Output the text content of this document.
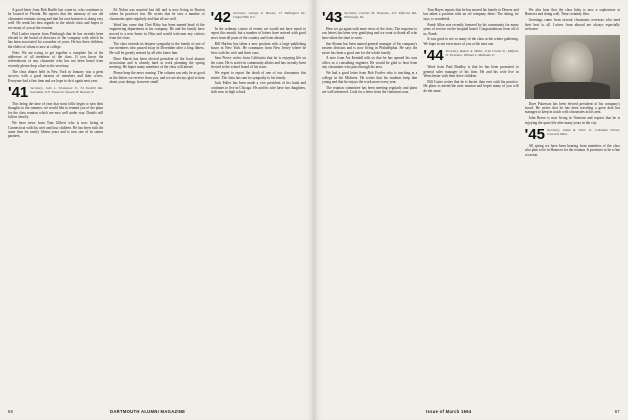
A good letter from Bob Ruelle last come in, who continues to be located in Florida. He reports that the memory of our old classmates remains strong and that his own business is doing very well. He sends his best regards to the whole class and hopes to see many of you at the reunion.

Phil Lasher reports from Pittsburgh that he has recently been elected to the board of directors of the company with which he has been associated for a number of years. He has three children, the eldest of whom is now at college.

Note: We are trying to get together a complete list of the addresses of all members of the class. If you know the whereabouts of any classmate who has not been heard from recently please drop a line to the secretary.

The class dinner held in New York in January was a great success with a good turnout of members and their wives. Everyone had a fine time and we hope to do it again next year.

'41 Secretary, John L. Thompson Jr., 34 Dunhill Rd., Scarsdale, N.Y. Treasurer, Stewart H. Bennett Jr.

This being the time of year that most folks begin to turn their thoughts to the summer, we would like to remind you of the plans for the class reunion which are now well under way. Details will follow shortly.

We have news from Tom Gilbert who is now living in Connecticut with his wife and four children. He has been with the same firm for nearly fifteen years and is now one of its senior partners.

Ed Nolan was married last fall and is now living in Boston where he practices law. He writes that he sees a number of classmates quite regularly and that all are well.

Word has come that Chet Riley has been named head of the engineering department at his company. He and his family have moved to a new home in Ohio and would welcome any visitors from the class.

The class extends its deepest sympathy to the family of one of our members who passed away in December after a long illness. He will be greatly missed by all who knew him.

Dave Marsh has been elected president of the local alumni association and is already hard at work planning the spring meeting. He hopes many members of the class will attend.

Please keep the news coming. The column can only be as good as the letters we receive from you, and we are always glad to hear about your doings, however small.

'42 Secretary, George A. Rowley, 15 Wellington Dr., Chapel Hill, N.C.

In the ordinary course of events we would not have much to report this month, but a number of letters have arrived with good news from all parts of the country and from abroad.

Bill Harlow has taken a new position with a large publishing house in New York. He commutes from New Jersey where he lives with his wife and three sons.

Sam Pierce writes from California that he is enjoying life on the coast. He is active in community affairs and has recently been elected to the school board of his town.

We regret to report the death of one of our classmates this winter. The class has sent its sympathy to his family.

Jack Fuller has been made a vice president of his bank and continues to live in Chicago. He and his wife have two daughters, both now in high school.

66	DARTMOUTH ALUMNI MAGAZINE
'43 Secretary, Charles M. Donovan, 413 Jefferson Rd., Pittsburgh, Pa.

Here we go again with more news of the class. The response to our letters has been very gratifying and we want to thank all who have taken the time to write.

Jim Sloane has been named general manager of his company's eastern division and is now living in Philadelphia. He says the move has been a good one for the whole family.

A note from Art Kendall tells us that he has opened his own office as a consulting engineer. He would be glad to hear from any classmates who pass through his area.

We had a good letter from Bob Fowler who is teaching at a college in the Midwest. He writes that his students keep him young and that he enjoys the work more every year.

The reunion committee has been meeting regularly and plans are well advanced. Look for a letter from the chairman soon.

Tom Hayes reports that he has moved his family to Denver and has taken a position with an oil company there. The skiing, he says, is wonderful.

Frank Allen was recently honored by his community for many years of service on the hospital board. Congratulations from all of us, Frank.

It was good to see so many of the class at the winter gathering. We hope to see even more of you at the next one.

'44 Secretary, Robert A. Miller, 1140 Croton St., Milford, O. Treasurer, William L. Mohlman Jr.

Word from Paul Bradley is that he has been promoted to general sales manager of his firm. He and his wife live in Westchester with their three children.

Bill Carter writes that he is busier than ever with his practice. He plans to attend the next reunion and hopes many of you will do the same.

We also hear that the class baby is now a sophomore at Hanover and doing well. Time certainly flies.

Greetings came from several classmates overseas who send their best to all. Letters from abroad are always especially welcome.

Dave Patterson has been elected president of his company's board. He writes that he has been traveling a great deal but manages to keep in touch with classmates in his area.

John Reese is now living in Vermont and reports that he is enjoying the quiet life after many years in the city.

'45 Secretary, Julian R. Osler Jr., Columbia School, Concord, Mass.

All spring we have been hearing from members of the class who plan to be in Hanover for the reunion. It promises to be a fine occasion.

Issue of March 1964	67
